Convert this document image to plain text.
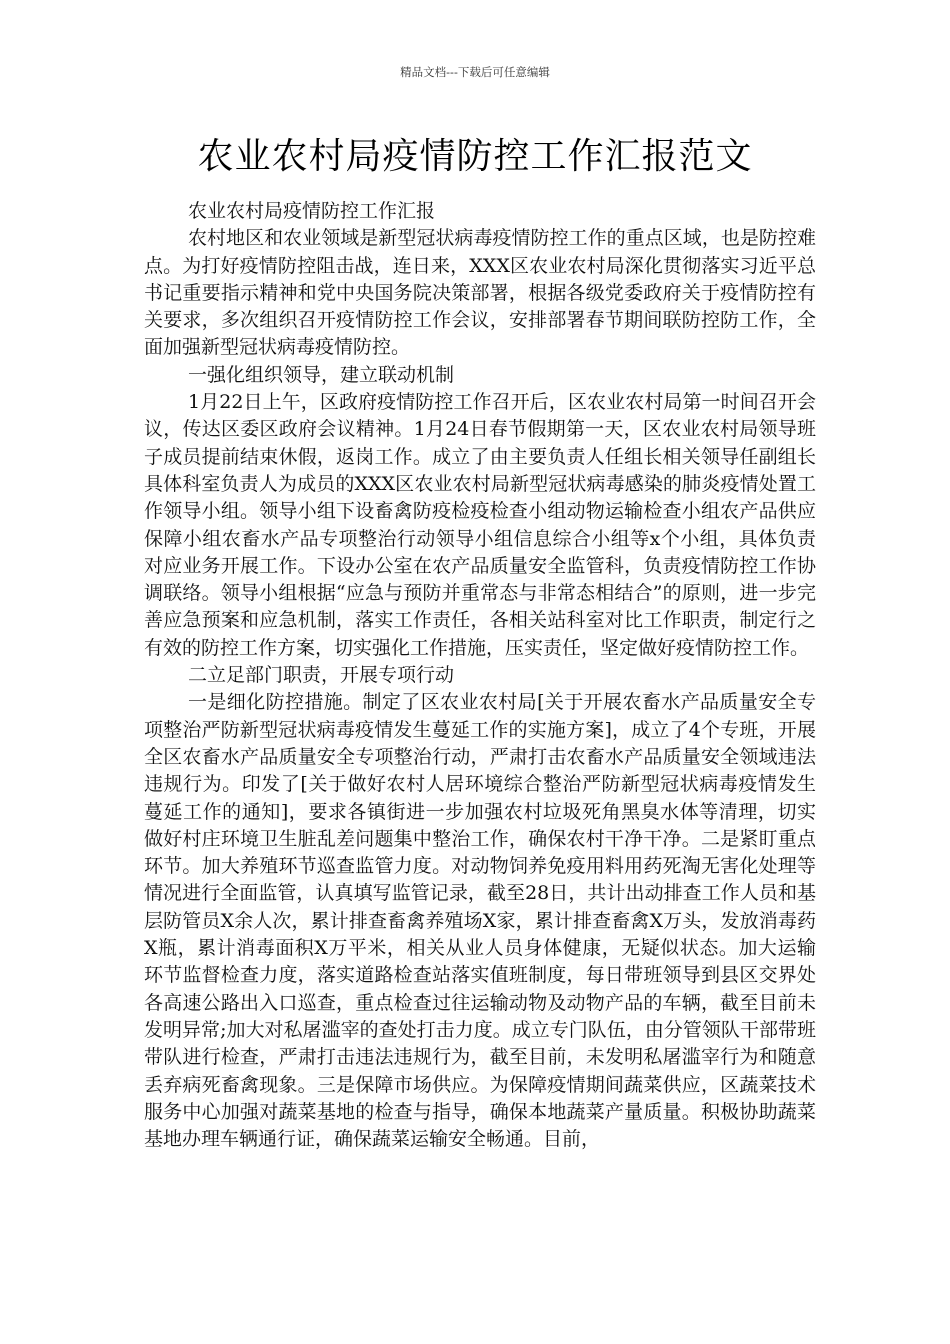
精品文档---下载后可任意编辑
农业农村局疫情防控工作汇报范文

农业农村局疫情防控工作汇报

农村地区和农业领域是新型冠状病毒疫情防控工作的重点区域，也是防控难点。为打好疫情防控阻击战，连日来，XXX区农业农村局深化贯彻落实习近平总书记重要指示精神和党中央国务院决策部署，根据各级党委政府关于疫情防控有关要求，多次组织召开疫情防控工作会议，安排部署春节期间联防控防工作，全面加强新型冠状病毒疫情防控。

一强化组织领导，建立联动机制

1月22日上午，区政府疫情防控工作召开后，区农业农村局第一时间召开会议，传达区委区政府会议精神。1月24日春节假期第一天，区农业农村局领导班子成员提前结束休假，返岗工作。成立了由主要负责人任组长相关领导任副组长具体科室负责人为成员的XXX区农业农村局新型冠状病毒感染的肺炎疫情处置工作领导小组。领导小组下设畜禽防疫检疫检查小组动物运输检查小组农产品供应保障小组农畜水产品专项整治行动领导小组信息综合小组等x个小组，具体负责对应业务开展工作。下设办公室在农产品质量安全监管科，负责疫情防控工作协调联络。领导小组根据“应急与预防并重常态与非常态相结合”的原则，进一步完善应急预案和应急机制，落实工作责任，各相关站科室对比工作职责，制定行之有效的防控工作方案，切实强化工作措施，压实责任，坚定做好疫情防控工作。

二立足部门职责，开展专项行动

一是细化防控措施。制定了区农业农村局[关于开展农畜水产品质量安全专项整治严防新型冠状病毒疫情发生蔓延工作的实施方案]，成立了4个专班，开展全区农畜水产品质量安全专项整治行动，严肃打击农畜水产品质量安全领域违法违规行为。印发了[关于做好农村人居环境综合整治严防新型冠状病毒疫情发生蔓延工作的通知]，要求各镇街进一步加强农村垃圾死角黑臭水体等清理，切实做好村庄环境卫生脏乱差问题集中整治工作，确保农村干净干净。二是紧盯重点环节。加大养殖环节巡查监管力度。对动物饲养免疫用料用药死淘无害化处理等情况进行全面监管，认真填写监管记录，截至28日，共计出动排查工作人员和基层防管员X余人次，累计排查畜禽养殖场X家，累计排查畜禽X万头，发放消毒药X瓶，累计消毒面积X万平米，相关从业人员身体健康，无疑似状态。加大运输环节监督检查力度，落实道路检查站落实值班制度，每日带班领导到县区交界处各高速公路出入口巡查，重点检查过往运输动物及动物产品的车辆，截至目前未发明异常;加大对私屠滥宰的查处打击力度。成立专门队伍，由分管领队干部带班带队进行检查，严肃打击违法违规行为，截至目前，未发明私屠滥宰行为和随意丢弃病死畜禽现象。三是保障市场供应。为保障疫情期间蔬菜供应，区蔬菜技术服务中心加强对蔬菜基地的检查与指导，确保本地蔬菜产量质量。积极协助蔬菜基地办理车辆通行证，确保蔬菜运输安全畅通。目前，
